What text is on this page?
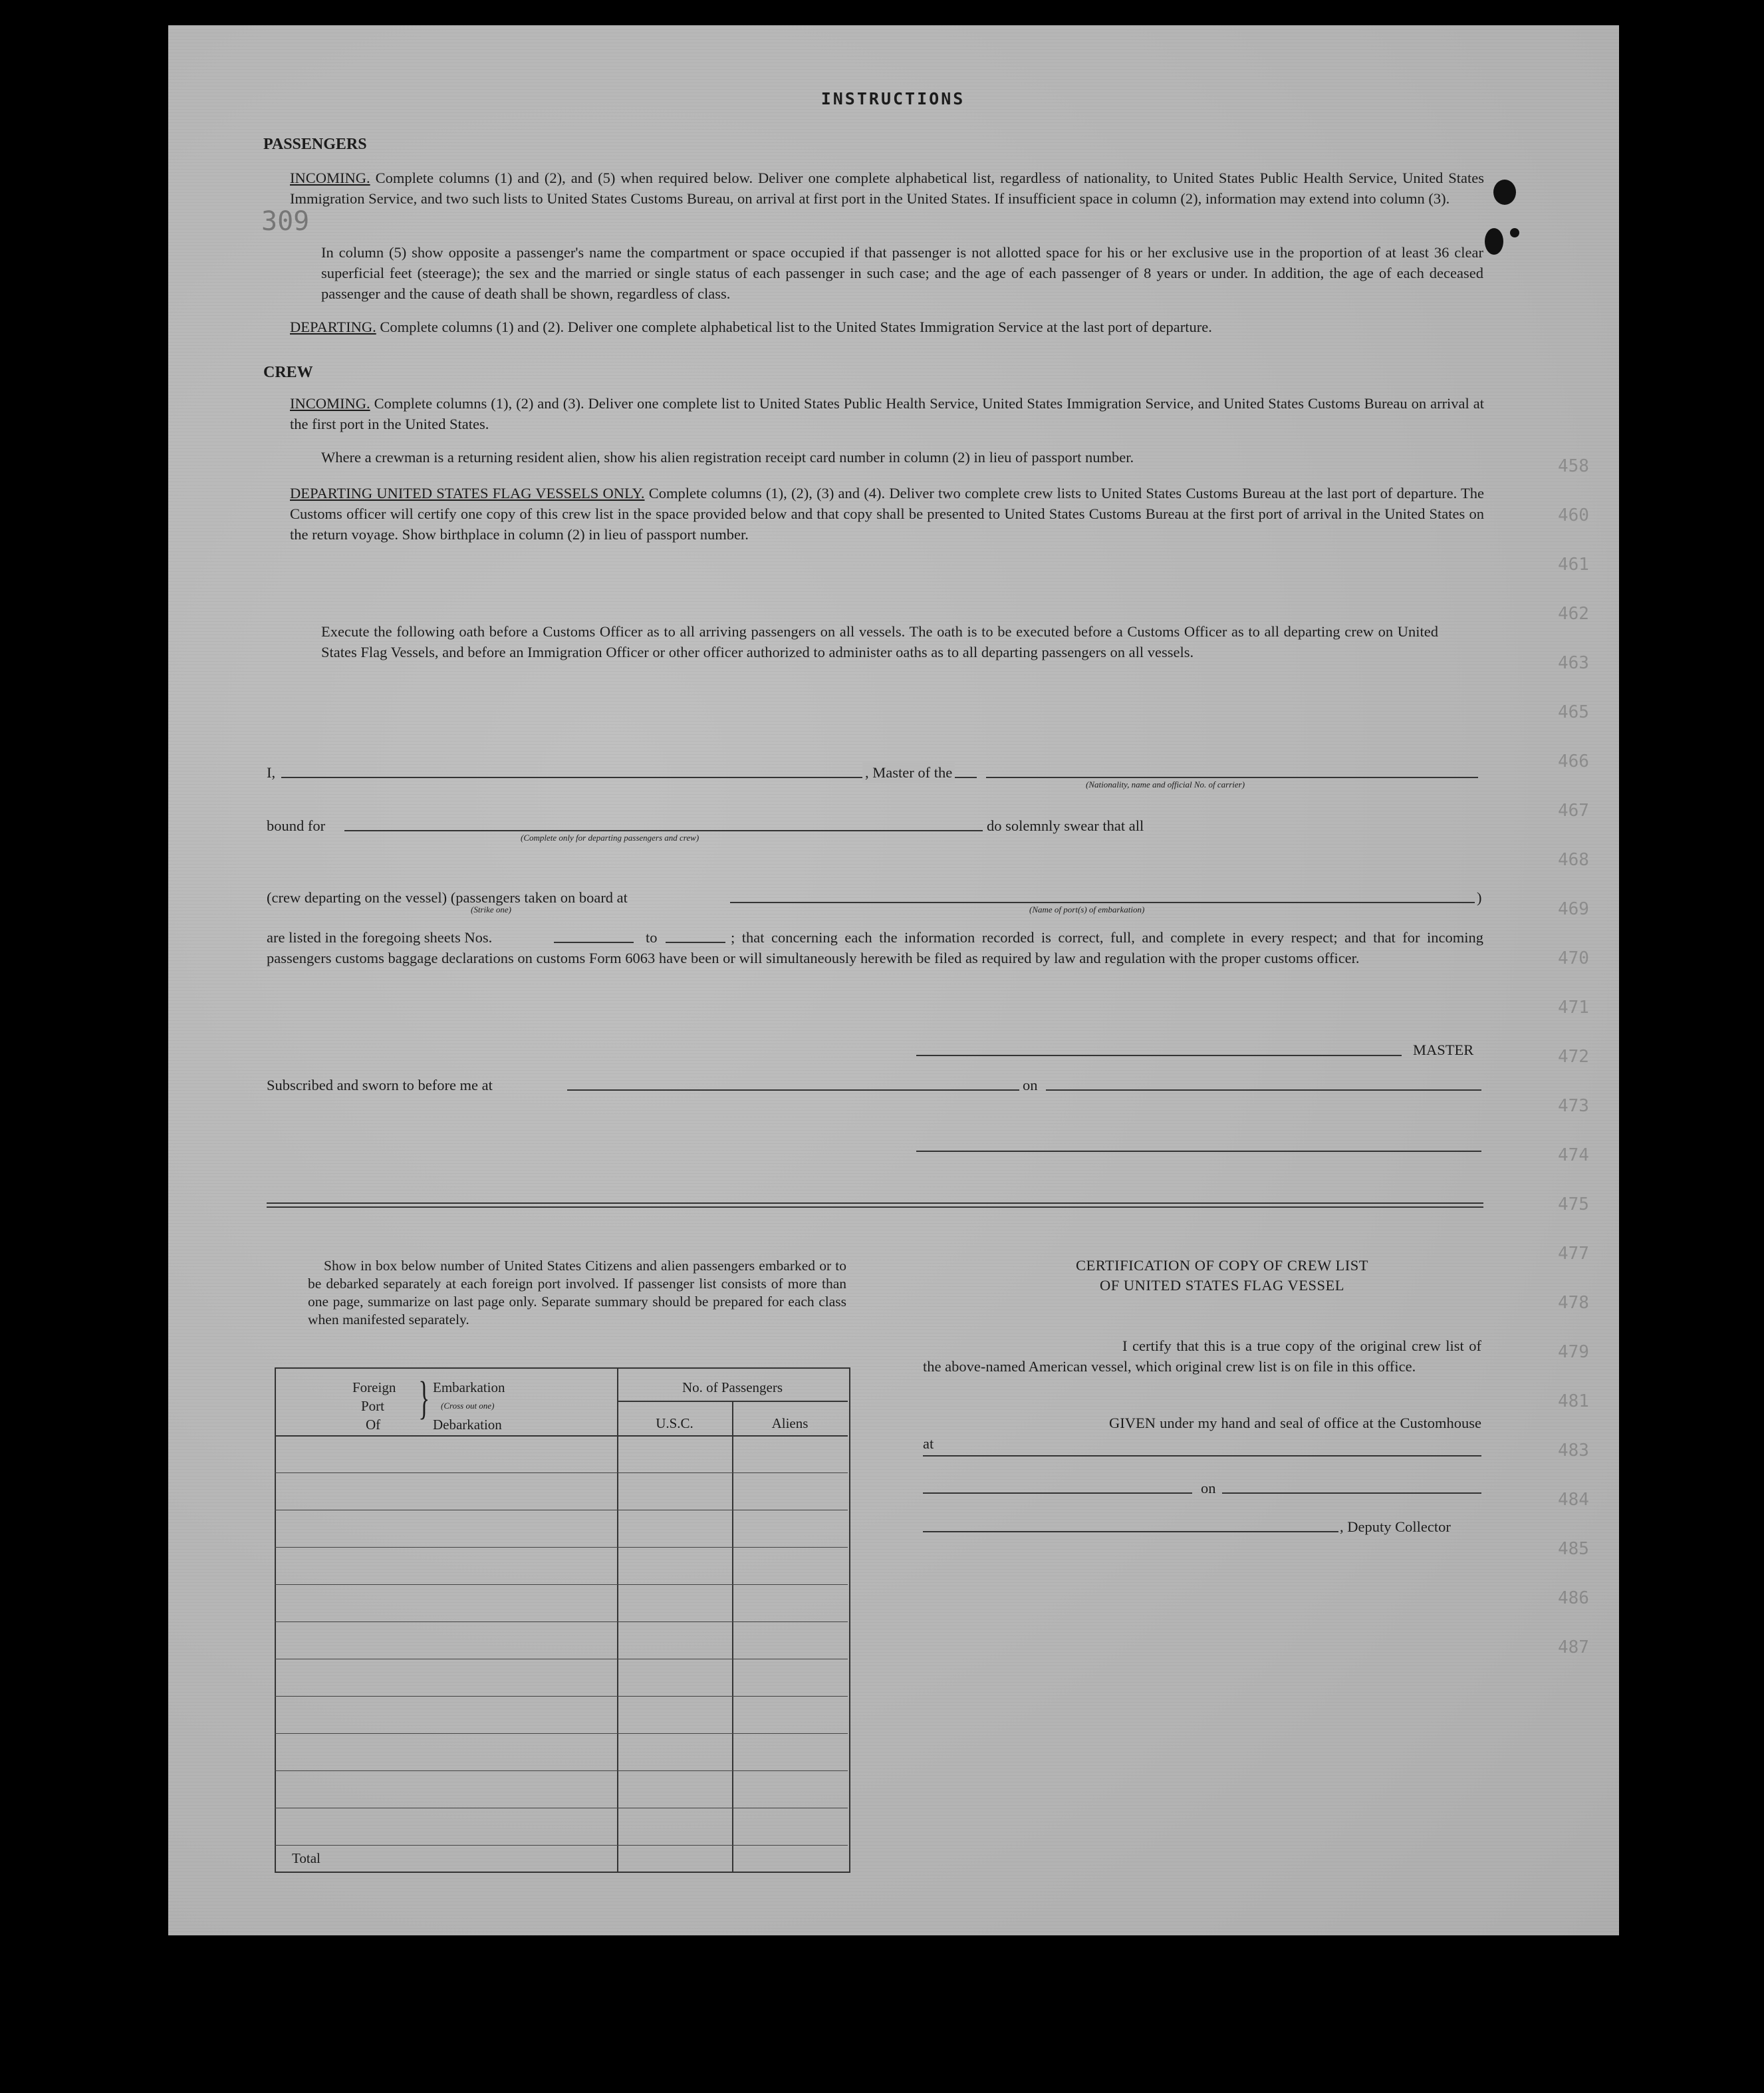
458
460
461
462
463
465
466
467
468
469
470
471
472
473
474
475
477
478
479
481
483
484
485
486
487
309
INSTRUCTIONS
PASSENGERS
INCOMING. Complete columns (1) and (2), and (5) when required below. Deliver one complete alphabetical list, regardless of nationality, to United States Public Health Service, United States Immigration Service, and two such lists to United States Customs Bureau, on arrival at first port in the United States. If insufficient space in column (2), information may extend into column (3).
In column (5) show opposite a passenger's name the compartment or space occupied if that passenger is not allotted space for his or her exclusive use in the proportion of at least 36 clear superficial feet (steerage); the sex and the married or single status of each passenger in such case; and the age of each passenger of 8 years or under. In addition, the age of each deceased passenger and the cause of death shall be shown, regardless of class.
DEPARTING. Complete columns (1) and (2). Deliver one complete alphabetical list to the United States Immigration Service at the last port of departure.
CREW
INCOMING. Complete columns (1), (2) and (3). Deliver one complete list to United States Public Health Service, United States Immigration Service, and United States Customs Bureau on arrival at the first port in the United States.
Where a crewman is a returning resident alien, show his alien registration receipt card number in column (2) in lieu of passport number.
DEPARTING UNITED STATES FLAG VESSELS ONLY. Complete columns (1), (2), (3) and (4). Deliver two complete crew lists to United States Customs Bureau at the last port of departure. The Customs officer will certify one copy of this crew list in the space provided below and that copy shall be presented to United States Customs Bureau at the first port of arrival in the United States on the return voyage. Show birthplace in column (2) in lieu of passport number.
Execute the following oath before a Customs Officer as to all arriving passengers on all vessels. The oath is to be executed before a Customs Officer as to all departing crew on United States Flag Vessels, and before an Immigration Officer or other officer authorized to administer oaths as to all departing passengers on all vessels.
I,	, Master of the
(Nationality, name and official No. of carrier)
bound for
(Complete only for departing passengers and crew)
do solemnly swear that all
(crew departing on the vessel) (passengers taken on board at
(Strike one)	(Name of port(s) of embarkation)
)
are listed in the foregoing sheets Nos.	to	; that concerning each the information recorded is correct, full, and complete in every respect; and that for incoming passengers customs baggage declarations on customs Form 6063 have been or will simultaneously herewith be filed as required by law and regulation with the proper customs officer.
MASTER
Subscribed and sworn to before me at	on
Show in box below number of United States Citizens and alien passengers embarked or to be debarked separately at each foreign port involved. If passenger list consists of more than one page, summarize on last page only. Separate summary should be prepared for each class when manifested separately.
Foreign
Port
Of
} Embarkation
(Cross out one)
Debarkation
No. of Passengers
U.S.C.	Aliens
Total
CERTIFICATION OF COPY OF CREW LIST
OF UNITED STATES FLAG VESSEL
I certify that this is a true copy of the original crew list of the above-named American vessel, which original crew list is on file in this office.
GIVEN under my hand and seal of office at the Customhouse at
on
, Deputy Collector
